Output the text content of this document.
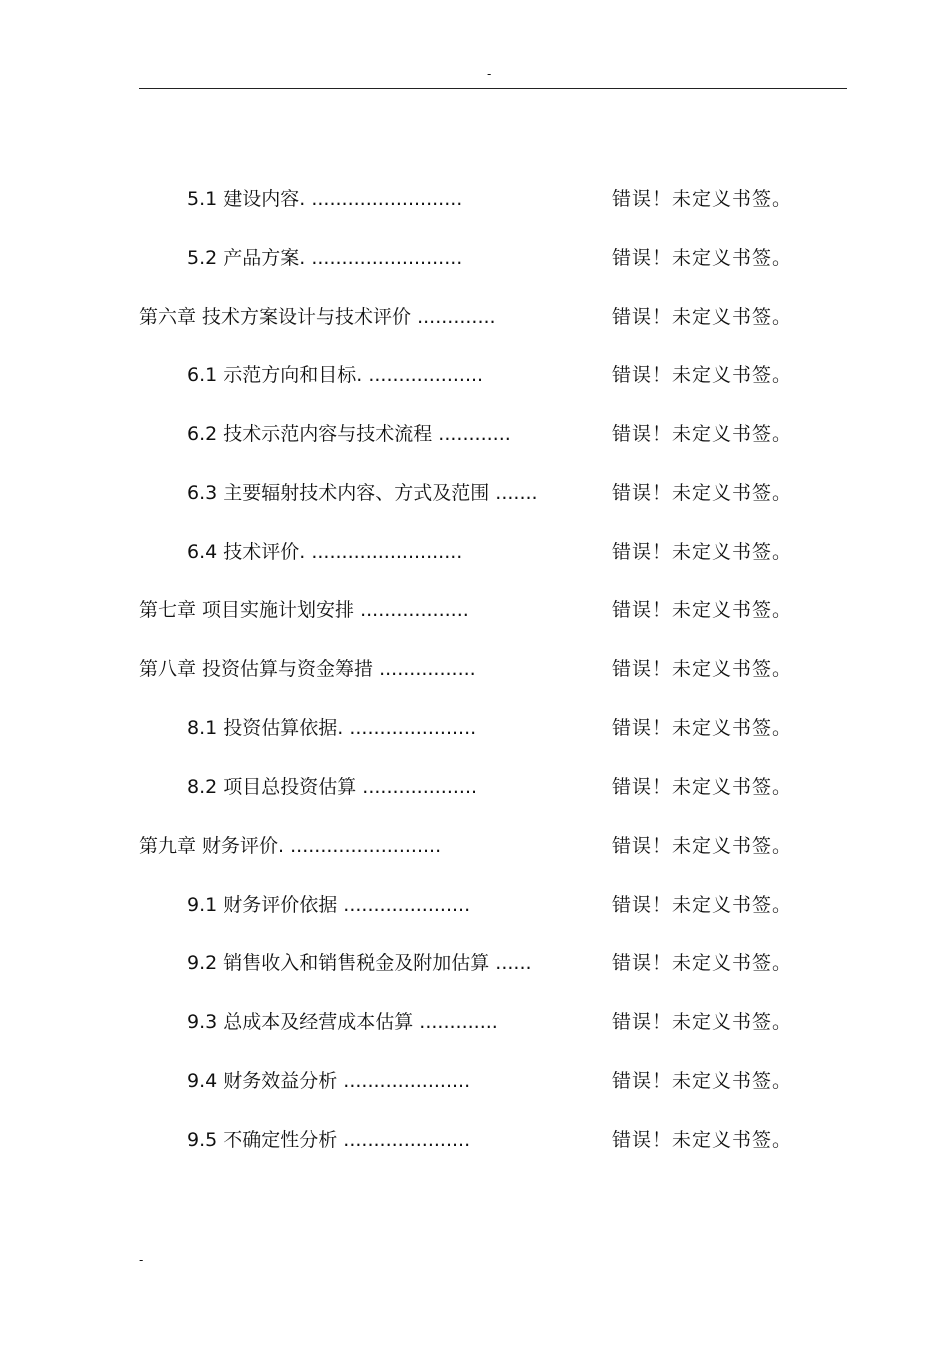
-
5.1 建设内容. .........................	错误！未定义书签。
5.2 产品方案. .........................	错误！未定义书签。
第六章 技术方案设计与技术评价 .............	错误！未定义书签。
6.1 示范方向和目标. ...................	错误！未定义书签。
6.2 技术示范内容与技术流程 ............	错误！未定义书签。
6.3 主要辐射技术内容、方式及范围 .......	错误！未定义书签。
6.4 技术评价. .........................	错误！未定义书签。
第七章 项目实施计划安排 ..................	错误！未定义书签。
第八章 投资估算与资金筹措 ................	错误！未定义书签。
8.1 投资估算依据. .....................	错误！未定义书签。
8.2 项目总投资估算 ...................	错误！未定义书签。
第九章 财务评价. .........................	错误！未定义书签。
9.1 财务评价依据 .....................	错误！未定义书签。
9.2 销售收入和销售税金及附加估算 ......	错误！未定义书签。
9.3 总成本及经营成本估算 .............	错误！未定义书签。
9.4 财务效益分析 .....................	错误！未定义书签。
9.5 不确定性分析 .....................	错误！未定义书签。
-
